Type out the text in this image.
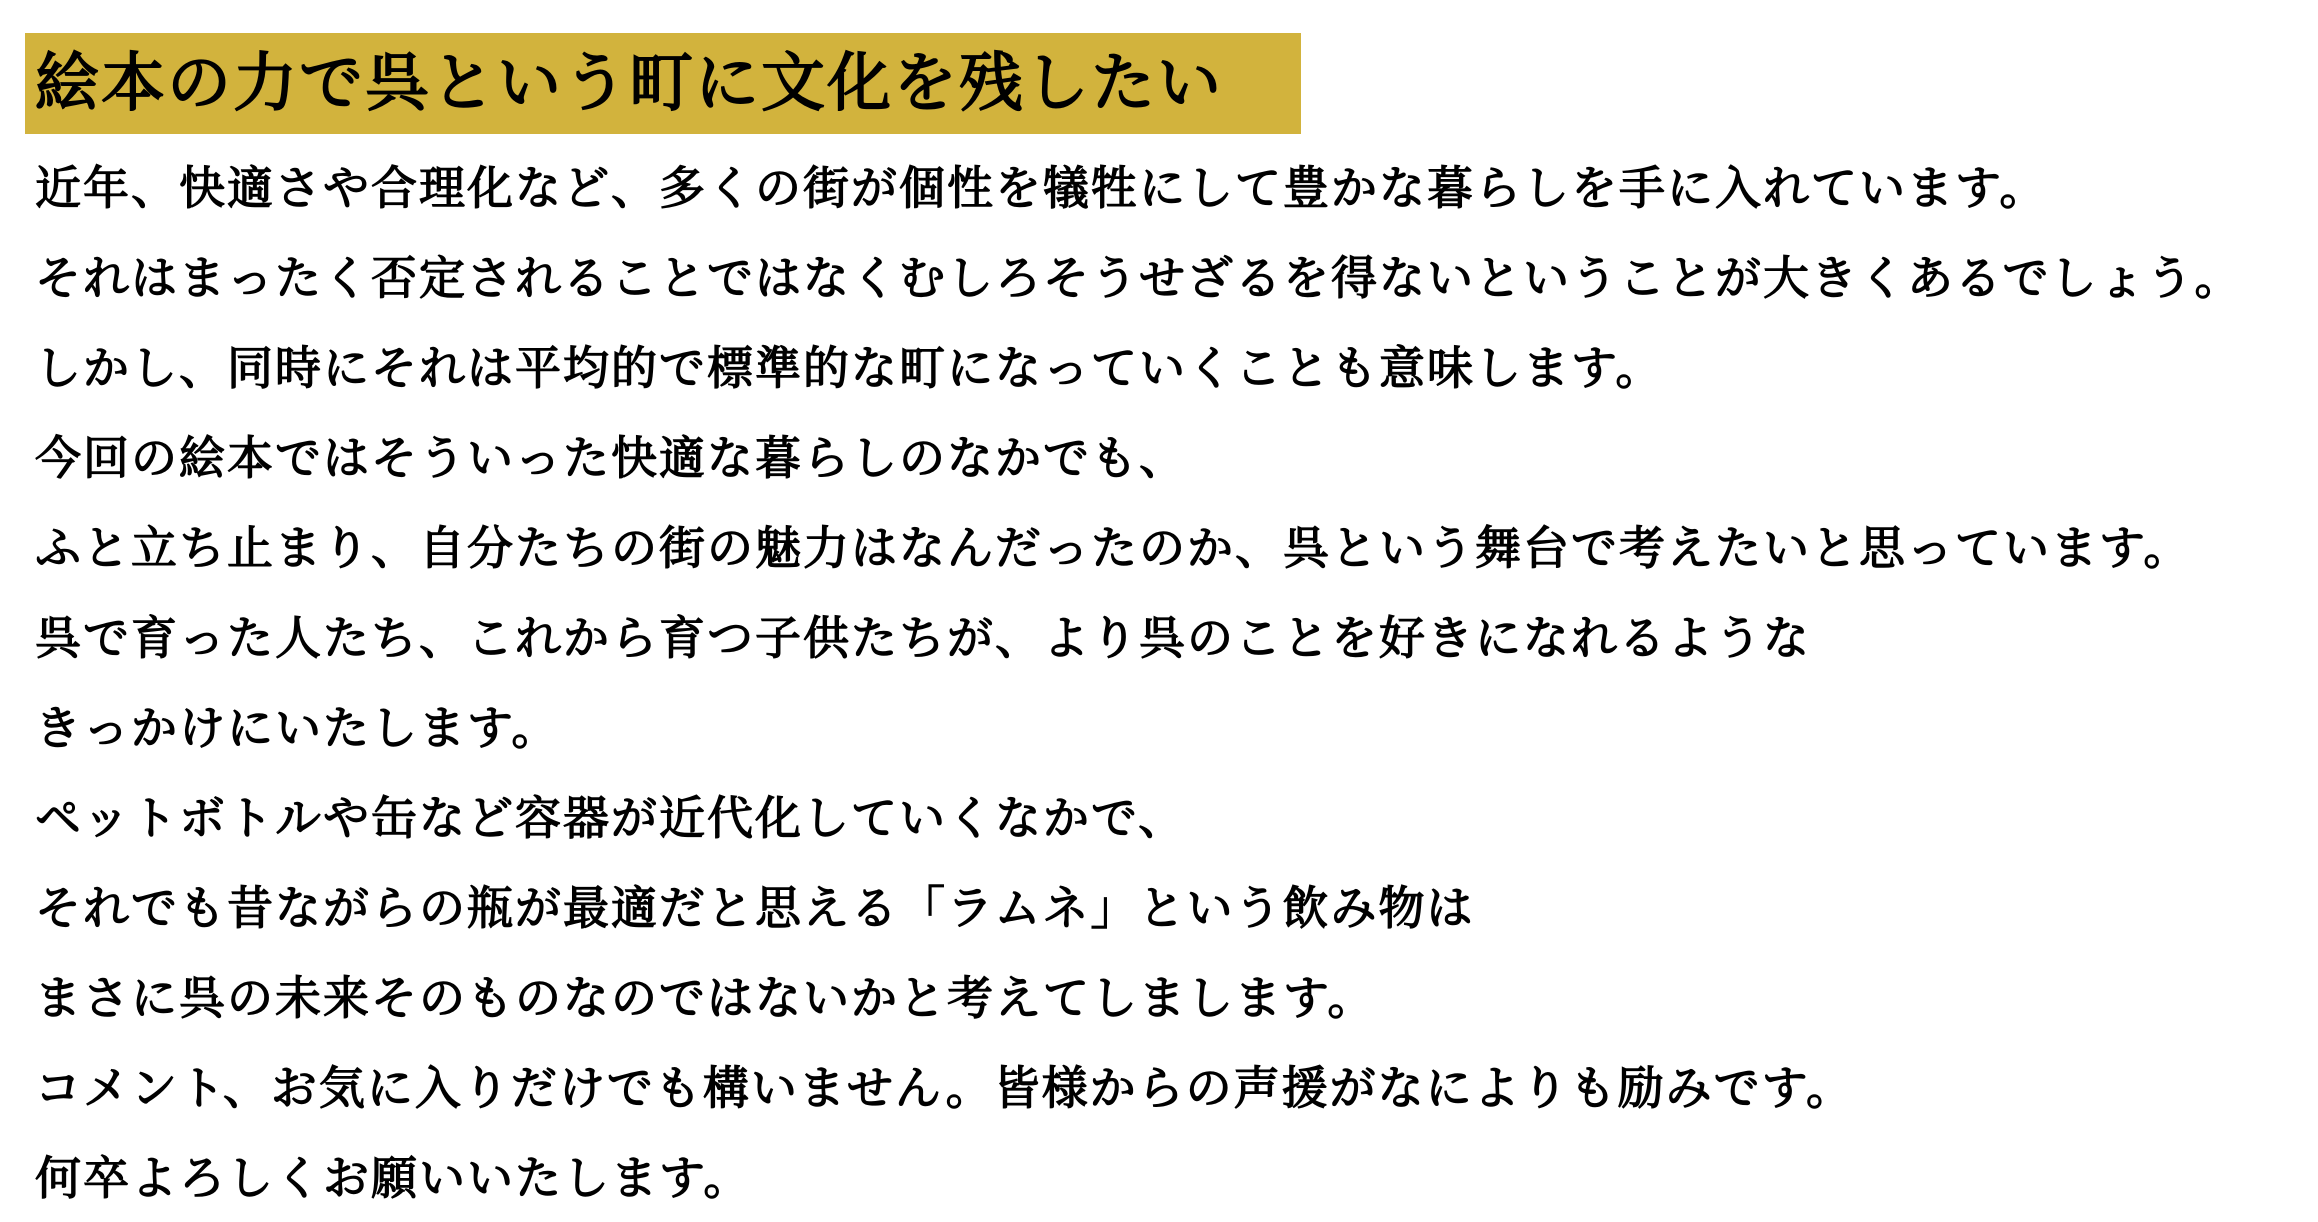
絵本の力で呉という町に文化を残したい

近年、快適さや合理化など、多くの街が個性を犠牲にして豊かな暮らしを手に入れています。

それはまったく否定されることではなくむしろそうせざるを得ないということが大きくあるでしょう。

しかし、同時にそれは平均的で標準的な町になっていくことも意味します。

今回の絵本ではそういった快適な暮らしのなかでも、

ふと立ち止まり、自分たちの街の魅力はなんだったのか、呉という舞台で考えたいと思っています。

呉で育った人たち、これから育つ子供たちが、より呉のことを好きになれるような

きっかけにいたします。

ペットボトルや缶など容器が近代化していくなかで、

それでも昔ながらの瓶が最適だと思える「ラムネ」という飲み物は

まさに呉の未来そのものなのではないかと考えてしまします。

コメント、お気に入りだけでも構いません。皆様からの声援がなによりも励みです。

何卒よろしくお願いいたします。
